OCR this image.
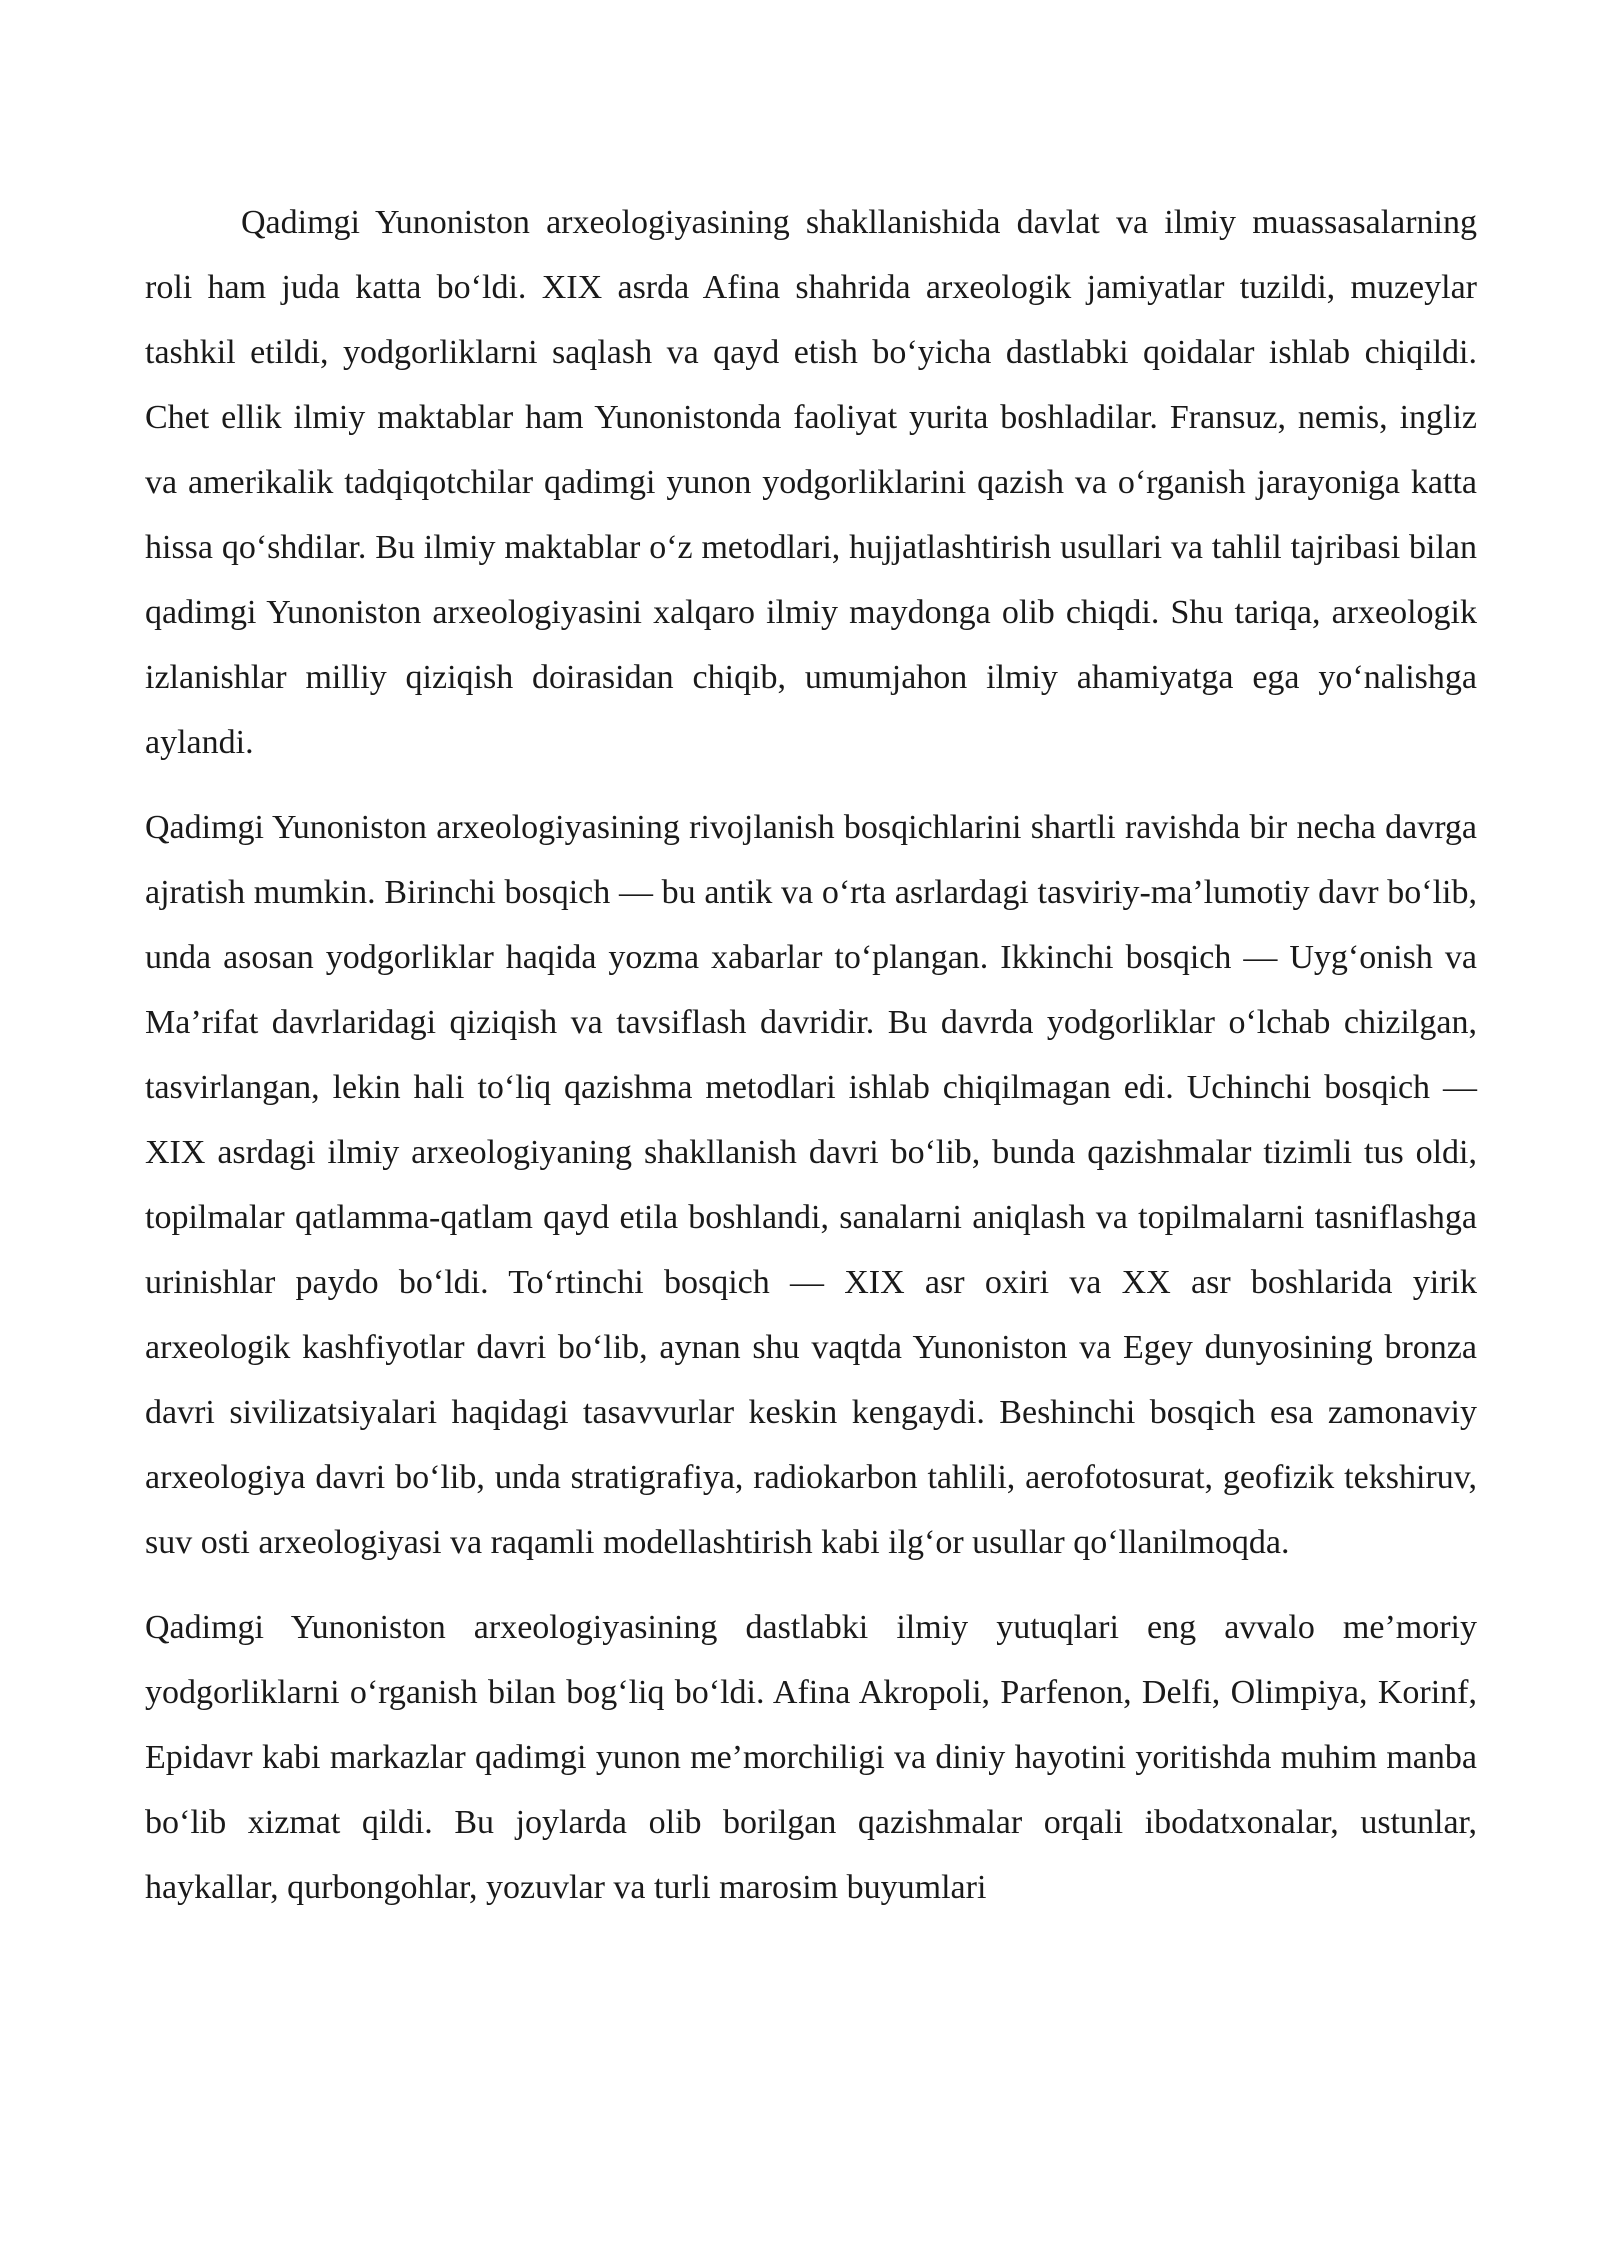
Qadimgi Yunoniston arxeologiyasining shakllanishida davlat va ilmiy muassasalarning roli ham juda katta bo‘ldi. XIX asrda Afina shahrida arxeologik jamiyatlar tuzildi, muzeylar tashkil etildi, yodgorliklarni saqlash va qayd etish bo‘yicha dastlabki qoidalar ishlab chiqildi. Chet ellik ilmiy maktablar ham Yunonistonda faoliyat yurita boshladilar. Fransuz, nemis, ingliz va amerikalik tadqiqotchilar qadimgi yunon yodgorliklarini qazish va o‘rganish jarayoniga katta hissa qo‘shdilar. Bu ilmiy maktablar o‘z metodlari, hujjatlashtirish usullari va tahlil tajribasi bilan qadimgi Yunoniston arxeologiyasini xalqaro ilmiy maydonga olib chiqdi. Shu tariqa, arxeologik izlanishlar milliy qiziqish doirasidan chiqib, umumjahon ilmiy ahamiyatga ega yo‘nalishga aylandi.

Qadimgi Yunoniston arxeologiyasining rivojlanish bosqichlarini shartli ravishda bir necha davrga ajratish mumkin. Birinchi bosqich — bu antik va o‘rta asrlardagi tasviriy-ma’lumotiy davr bo‘lib, unda asosan yodgorliklar haqida yozma xabarlar to‘plangan. Ikkinchi bosqich — Uyg‘onish va Ma’rifat davrlaridagi qiziqish va tavsiflash davridir. Bu davrda yodgorliklar o‘lchab chizilgan, tasvirlangan, lekin hali to‘liq qazishma metodlari ishlab chiqilmagan edi. Uchinchi bosqich — XIX asrdagi ilmiy arxeologiyaning shakllanish davri bo‘lib, bunda qazishmalar tizimli tus oldi, topilmalar qatlamma-qatlam qayd etila boshlandi, sanalarni aniqlash va topilmalarni tasniflashga urinishlar paydo bo‘ldi. To‘rtinchi bosqich — XIX asr oxiri va XX asr boshlarida yirik arxeologik kashfiyotlar davri bo‘lib, aynan shu vaqtda Yunoniston va Egey dunyosining bronza davri sivilizatsiyalari haqidagi tasavvurlar keskin kengaydi. Beshinchi bosqich esa zamonaviy arxeologiya davri bo‘lib, unda stratigrafiya, radiokarbon tahlili, aerofotosurat, geofizik tekshiruv, suv osti arxeologiyasi va raqamli modellashtirish kabi ilg‘or usullar qo‘llanilmoqda.

Qadimgi Yunoniston arxeologiyasining dastlabki ilmiy yutuqlari eng avvalo me’moriy yodgorliklarni o‘rganish bilan bog‘liq bo‘ldi. Afina Akropoli, Parfenon, Delfi, Olimpiya, Korinf, Epidavr kabi markazlar qadimgi yunon me’morchiligi va diniy hayotini yoritishda muhim manba bo‘lib xizmat qildi. Bu joylarda olib borilgan qazishmalar orqali ibodatxonalar, ustunlar, haykallar, qurbongohlar, yozuvlar va turli marosim buyumlari
